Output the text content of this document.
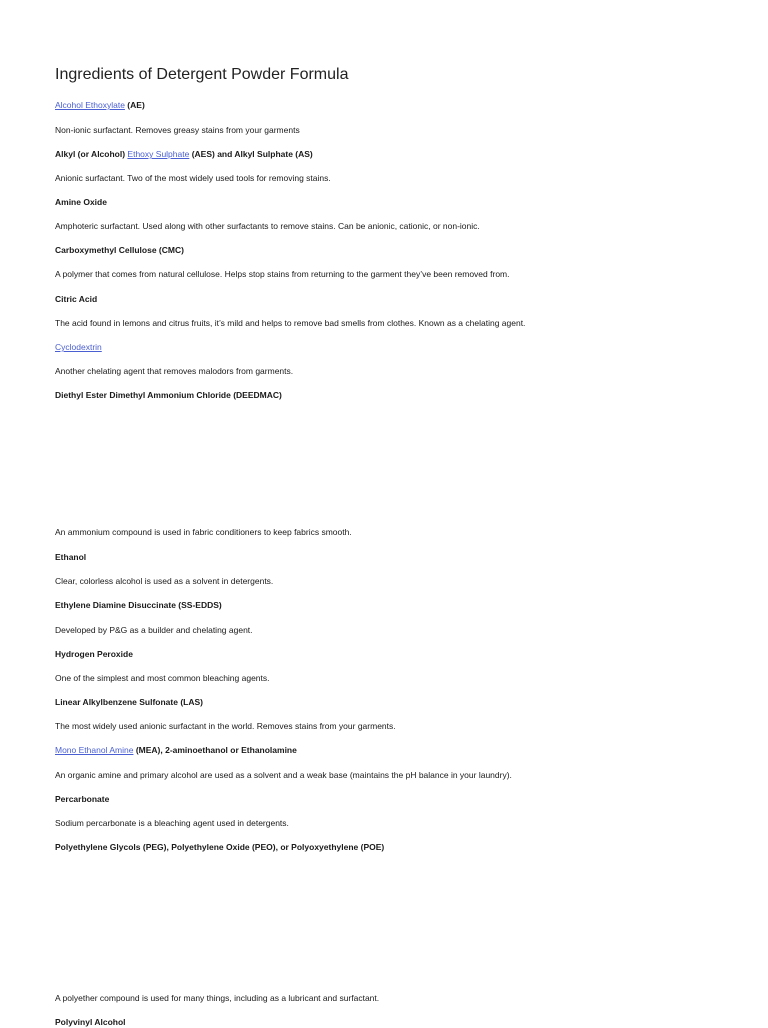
Ingredients of Detergent Powder Formula
Alcohol Ethoxylate (AE)
Non-ionic surfactant. Removes greasy stains from your garments
Alkyl (or Alcohol) Ethoxy Sulphate (AES) and Alkyl Sulphate (AS)
Anionic surfactant. Two of the most widely used tools for removing stains.
Amine Oxide
Amphoteric surfactant. Used along with other surfactants to remove stains. Can be anionic, cationic, or non-ionic.
Carboxymethyl Cellulose (CMC)
A polymer that comes from natural cellulose. Helps stop stains from returning to the garment they’ve been removed from.
Citric Acid
The acid found in lemons and citrus fruits, it’s mild and helps to remove bad smells from clothes. Known as a chelating agent.
Cyclodextrin
Another chelating agent that removes malodors from garments.
Diethyl Ester Dimethyl Ammonium Chloride (DEEDMAC)
An ammonium compound is used in fabric conditioners to keep fabrics smooth.
Ethanol
Clear, colorless alcohol is used as a solvent in detergents.
Ethylene Diamine Disuccinate (SS-EDDS)
Developed by P&G as a builder and chelating agent.
Hydrogen Peroxide
One of the simplest and most common bleaching agents.
Linear Alkylbenzene Sulfonate (LAS)
The most widely used anionic surfactant in the world. Removes stains from your garments.
Mono Ethanol Amine (MEA), 2-aminoethanol or Ethanolamine
An organic amine and primary alcohol are used as a solvent and a weak base (maintains the pH balance in your laundry).
Percarbonate
Sodium percarbonate is a bleaching agent used in detergents.
Polyethylene Glycols (PEG), Polyethylene Oxide (PEO), or Polyoxyethylene (POE)
A polyether compound is used for many things, including as a lubricant and surfactant.
Polyvinyl Alcohol
